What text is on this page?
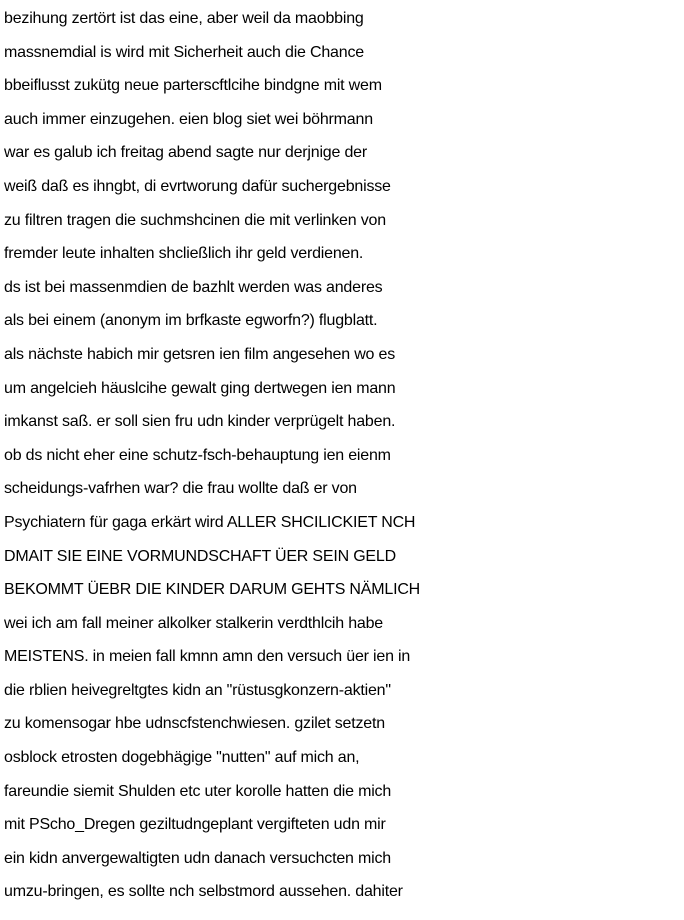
bezihung zertört ist das eine, aber weil da maobbing
massnemdial is wird mit Sicherheit auch die Chance
bbeiflusst zukütg neue parterscftlcihe bindgne mit wem
auch immer einzugehen. eien blog siet wei böhrmann
war es galub ich freitag abend sagte nur derjnige der
weiß daß es ihngbt, di evrtworung dafür suchergebnisse
zu filtren tragen die suchmshcinen die mit verlinken von
fremder leute inhalten shcließlich ihr geld verdienen.
ds ist bei massenmdien de bazhlt werden was anderes
als bei einem (anonym im brfkaste egworfn?) flugblatt.
als nächste habich mir getsren ien film angesehen wo es
um angelcieh häuslcihe gewalt ging dertwegen ien mann
imkanst saß. er soll sien fru udn kinder verprügelt haben.
ob ds nicht eher eine schutz-fsch-behauptung ien eienm
scheidungs-vafrhen war? die frau wollte daß er von
Psychiatern für gaga erkärt wird ALLER SHCILICKIET NCH
DMAIT SIE EINE VORMUNDSCHAFT ÜER SEIN GELD
BEKOMMT ÜEBR DIE KINDER DARUM GEHTS NÄMLICH
wei ich am fall meiner alkolker stalkerin verdthlcih habe
MEISTENS. in meien fall kmnn amn den versuch üer ien in
die rblien heivegreltgtes kidn an "rüstusgkonzern-aktien"
zu komensogar hbe udnscfstenchwiesen. gzilet setzetn
osblock etrosten dogebhägige "nutten" auf mich an,
fareundie siemit Shulden etc uter korolle hatten die mich
mit PScho_Dregen geziltudngeplant vergifteten udn mir
ein kidn anvergewaltigten udn danach versuchcten mich
umzu-bringen, es sollte nch selbstmord aussehen. dahiter
